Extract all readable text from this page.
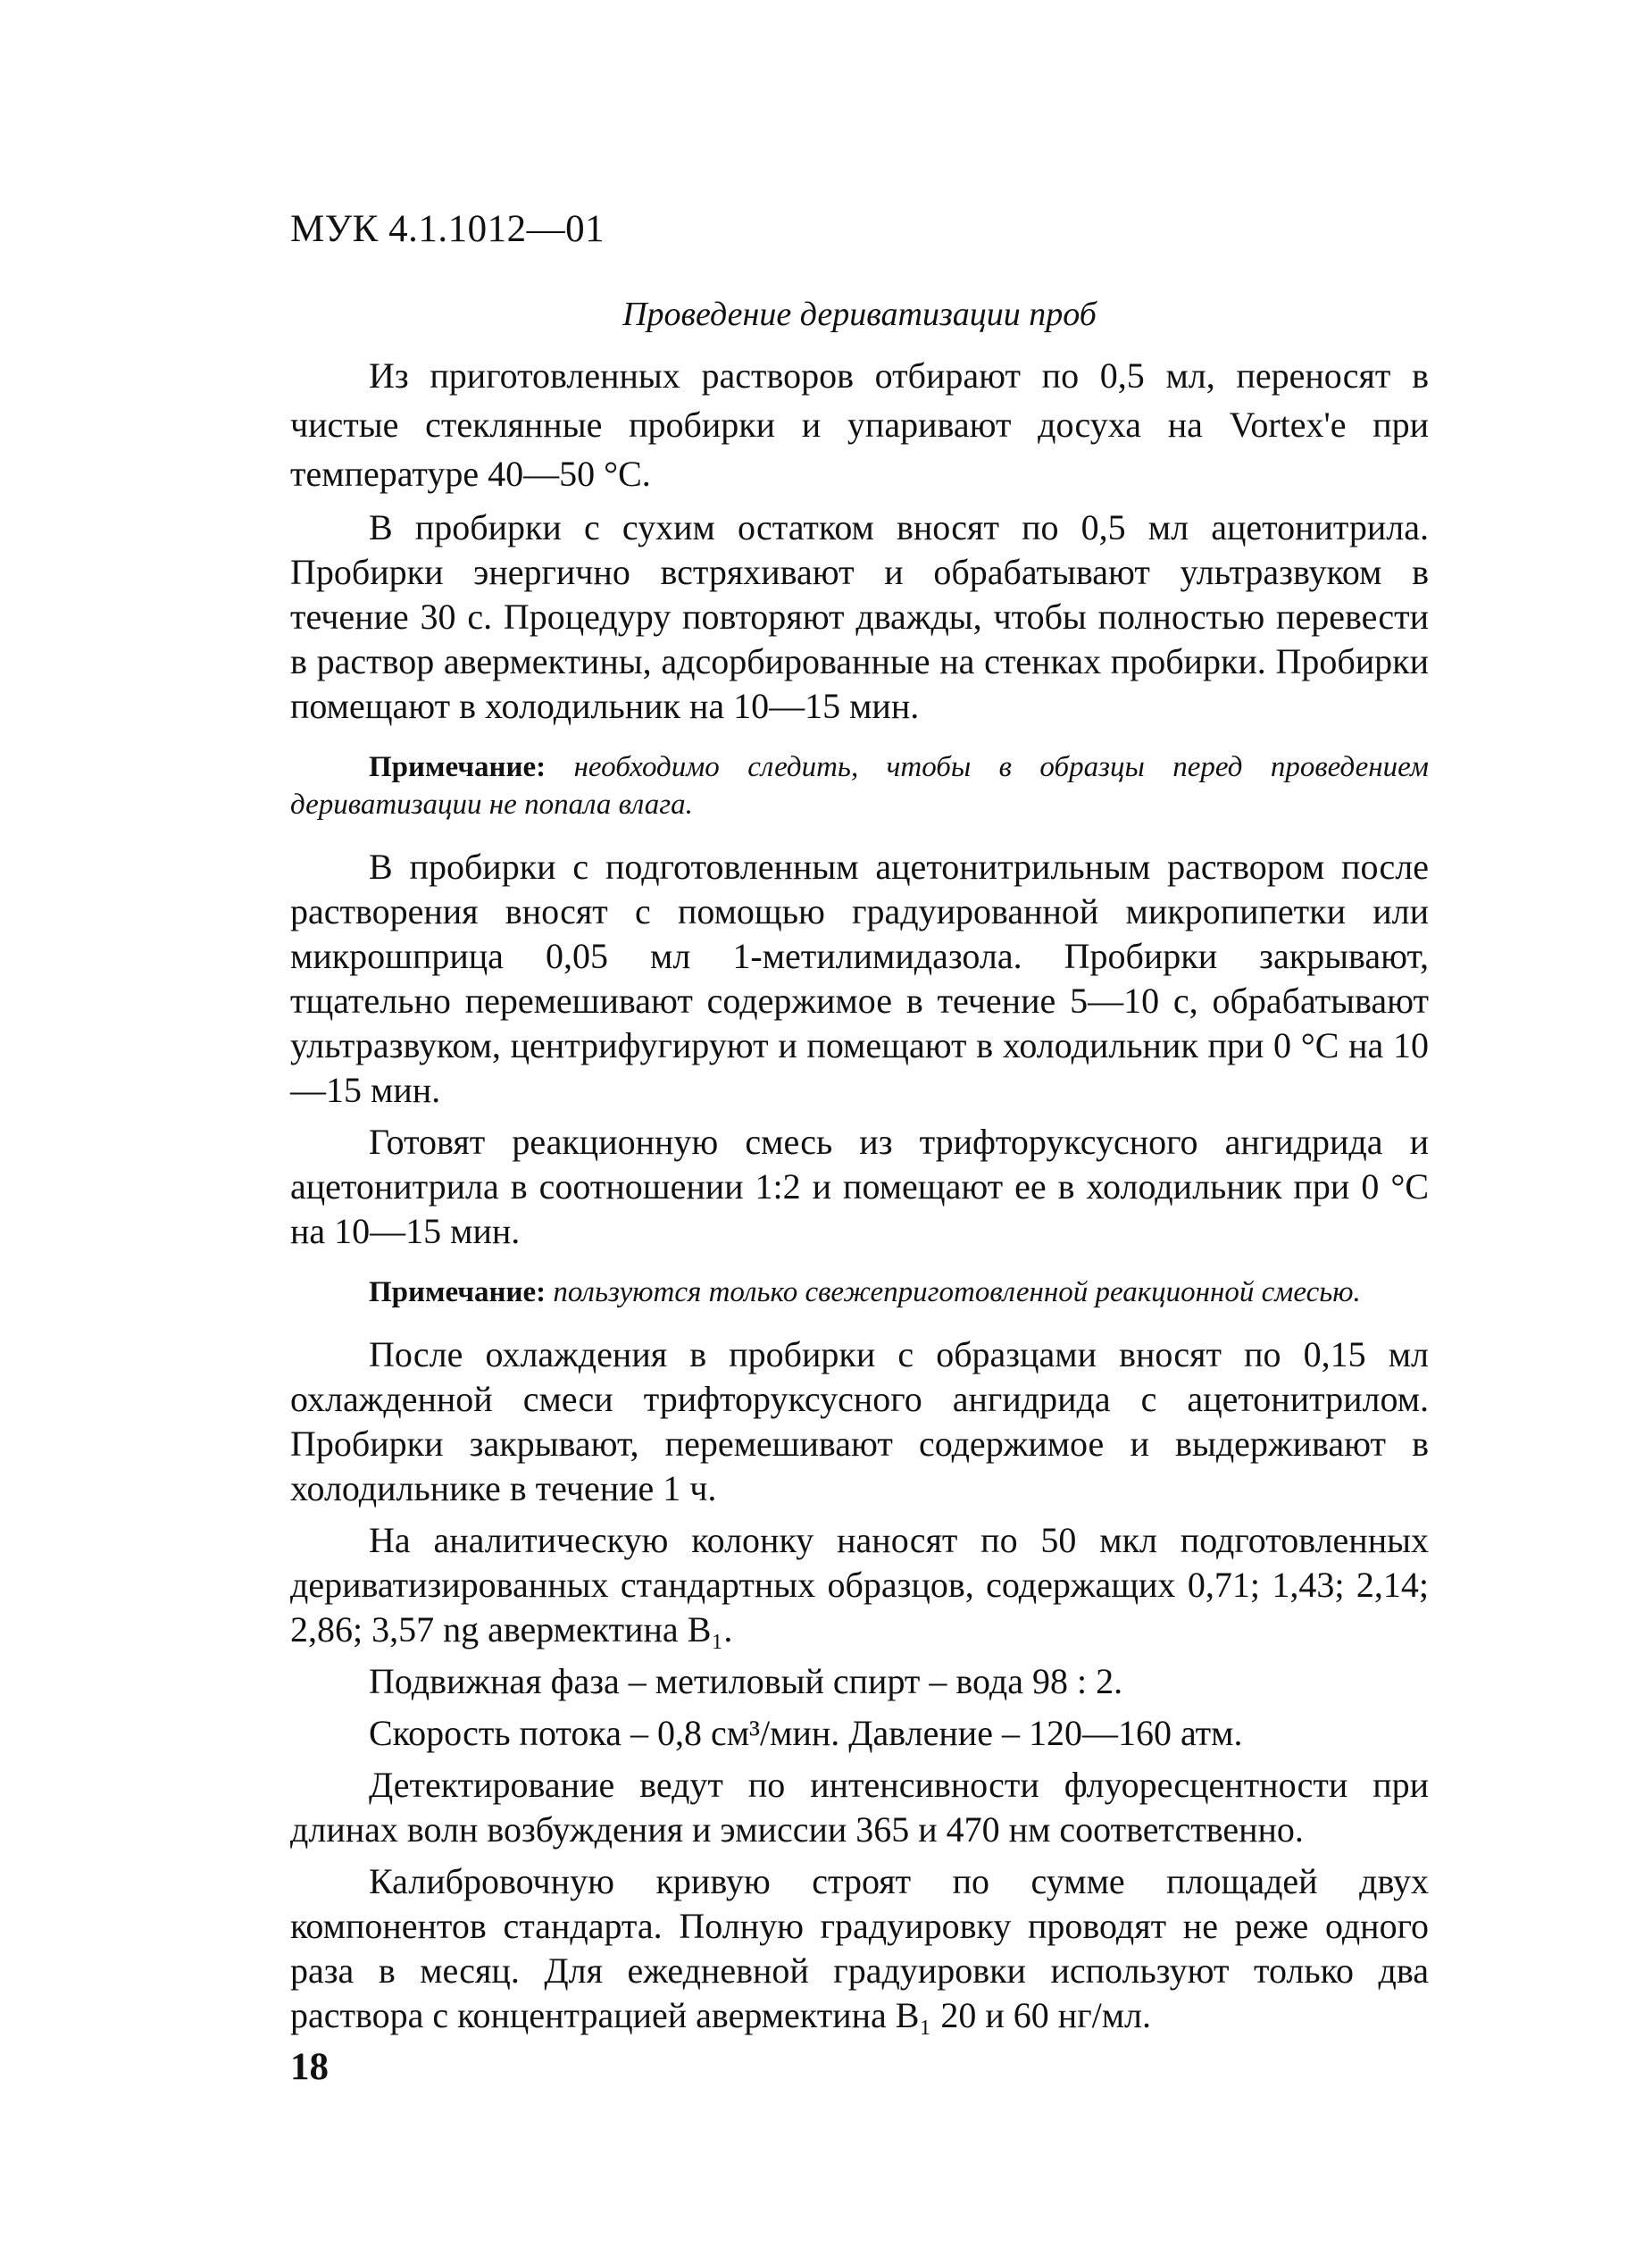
МУК 4.1.1012—01
Проведение дериватизации проб

Из приготовленных растворов отбирают по 0,5 мл, переносят в чистые стеклянные пробирки и упаривают досуха на Vortex'е при температуре 40—50 °С.

В пробирки с сухим остатком вносят по 0,5 мл ацетонитрила. Пробирки энергично встряхивают и обрабатывают ультразвуком в течение 30 с. Процедуру повторяют дважды, чтобы полностью перевести в раствор авермектины, адсорбированные на стенках пробирки. Пробирки помещают в холодильник на 10—15 мин.

Примечание: необходимо следить, чтобы в образцы перед проведением дериватизации не попала влага.

В пробирки с подготовленным ацетонитрильным раствором после растворения вносят с помощью градуированной микропипетки или микрошприца 0,05 мл 1-метилимидазола. Пробирки закрывают, тщательно перемешивают содержимое в течение 5—10 с, обрабатывают ультразвуком, центрифугируют и помещают в холодильник при 0 °С на 10—15 мин.

Готовят реакционную смесь из трифторуксусного ангидрида и ацетонитрила в соотношении 1:2 и помещают ее в холодильник при 0 °С на 10—15 мин.

Примечание: пользуются только свежеприготовленной реакционной смесью.

После охлаждения в пробирки с образцами вносят по 0,15 мл охлажденной смеси трифторуксусного ангидрида с ацетонитрилом. Пробирки закрывают, перемешивают содержимое и выдерживают в холодильнике в течение 1 ч.

На аналитическую колонку наносят по 50 мкл подготовленных дериватизированных стандартных образцов, содержащих 0,71; 1,43; 2,14; 2,86; 3,57 ng авермектина B₁.

Подвижная фаза – метиловый спирт – вода 98 : 2.

Скорость потока – 0,8 см³/мин. Давление – 120—160 атм.

Детектирование ведут по интенсивности флуоресцентности при длинах волн возбуждения и эмиссии 365 и 470 нм соответственно.

Калибровочную кривую строят по сумме площадей двух компонентов стандарта. Полную градуировку проводят не реже одного раза в месяц. Для ежедневной градуировки используют только два раствора с концентрацией авермектина B₁ 20 и 60 нг/мл.

18
